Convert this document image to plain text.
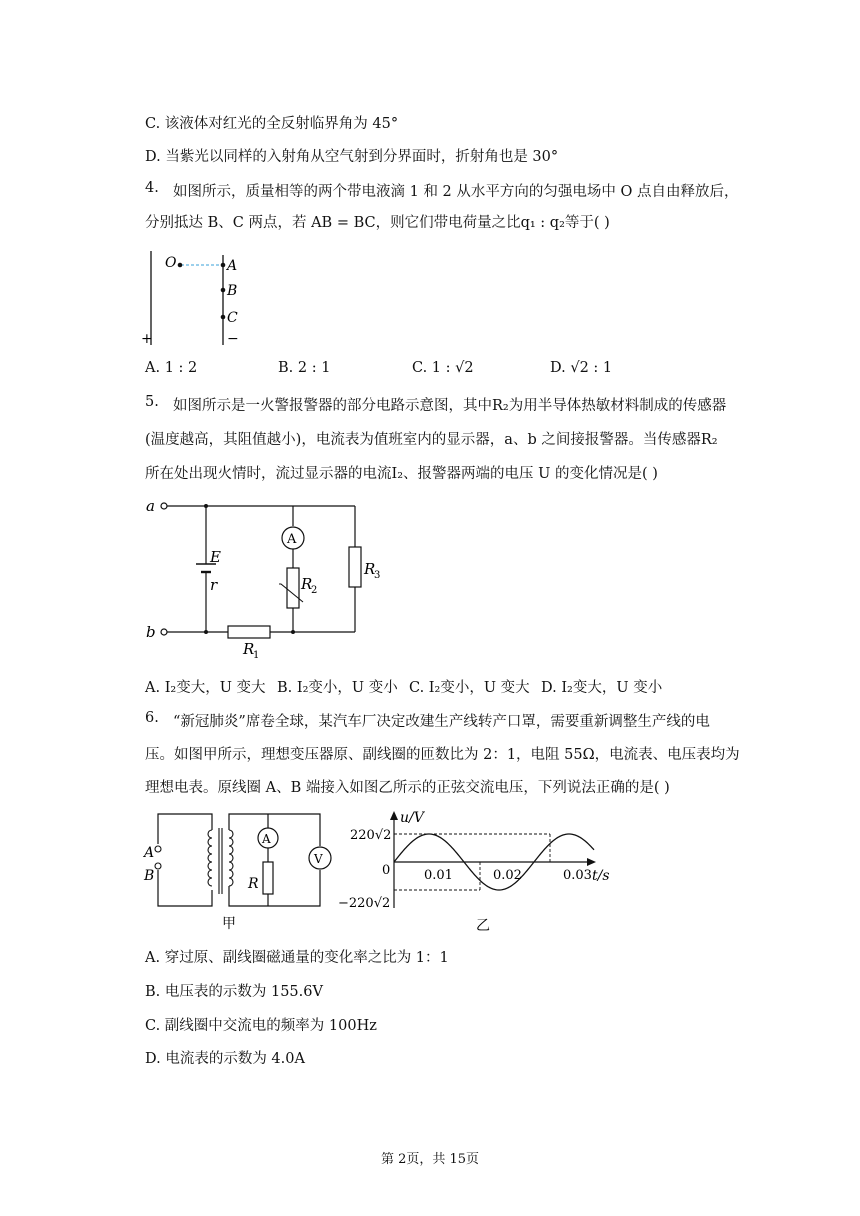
C. 该液体对红光的全反射临界角为 45°
D. 当紫光以同样的入射角从空气射到分界面时，折射角也是 30°
4. 如图所示，质量相等的两个带电液滴 1 和 2 从水平方向的匀强电场中 O 点自由释放后，
分别抵达 B、C 两点，若 AB = BC，则它们带电荷量之比q₁ : q₂等于( )
O	A
B
C
+	−
A. 1 : 2	B. 2 : 1	C. 1 : √2	D. √2 : 1
5. 如图所示是一火警报警器的部分电路示意图，其中R₂为用半导体热敏材料制成的传感器
(温度越高，其阻值越小)，电流表为值班室内的显示器，a、b 之间接报警器。当传感器R₂
所在处出现火情时，流过显示器的电流I₂、报警器两端的电压 U 的变化情况是( )
a
b
E
r
A
R
1
R
2
R
3
A. I₂变大，U 变大 B. I₂变小，U 变小 C. I₂变小，U 变大 D. I₂变大，U 变小
6. “新冠肺炎”席卷全球，某汽车厂决定改建生产线转产口罩，需要重新调整生产线的电
压。如图甲所示，理想变压器原、副线圈的匝数比为 2：1，电阻 55Ω，电流表、电压表均为
理想电表。原线圈 A、B 端接入如图乙所示的正弦交流电压，下列说法正确的是( )
A
B
A
V
R
甲
u/V
t/s
220√2
0
−220√2
0.01	0.02	0.03
乙
A. 穿过原、副线圈磁通量的变化率之比为 1：1
B. 电压表的示数为 155.6V
C. 副线圈中交流电的频率为 100Hz
D. 电流表的示数为 4.0A
第 2页，共 15页
